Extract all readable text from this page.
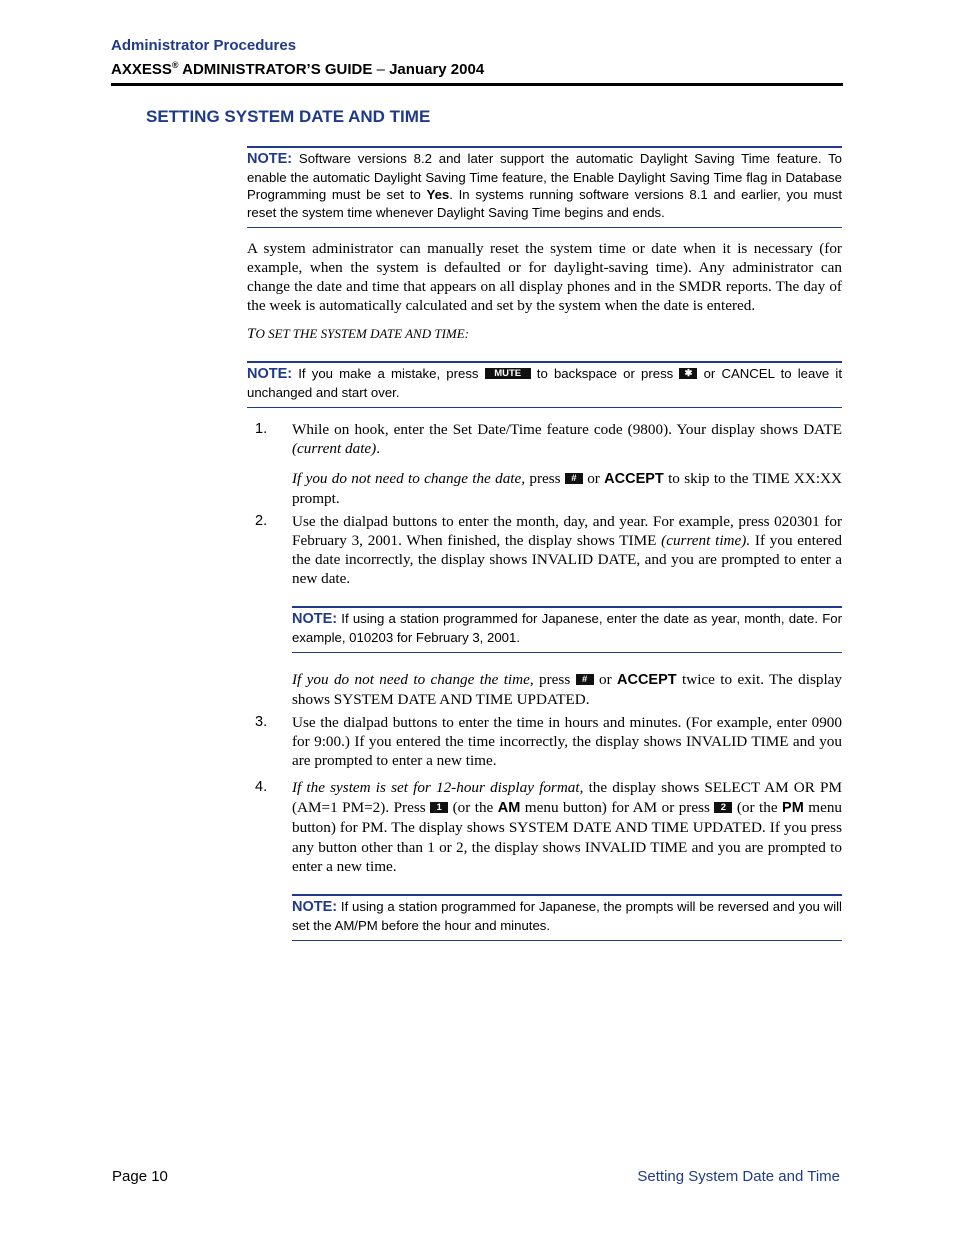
Administrator Procedures
AXXESS® ADMINISTRATOR’S GUIDE – January 2004
SETTING SYSTEM DATE AND TIME
NOTE: Software versions 8.2 and later support the automatic Daylight Saving Time feature. To enable the automatic Daylight Saving Time feature, the Enable Daylight Saving Time flag in Database Programming must be set to Yes. In systems running software versions 8.1 and earlier, you must reset the system time whenever Daylight Saving Time begins and ends.
A system administrator can manually reset the system time or date when it is necessary (for example, when the system is defaulted or for daylight-saving time). Any administrator can change the date and time that appears on all display phones and in the SMDR reports. The day of the week is automatically calculated and set by the system when the date is entered.
TO SET THE SYSTEM DATE AND TIME:
NOTE: If you make a mistake, press MUTE to backspace or press ✱ or CANCEL to leave it unchanged and start over.
1. While on hook, enter the Set Date/Time feature code (9800). Your display shows DATE (current date).
If you do not need to change the date, press # or ACCEPT to skip to the TIME XX:XX prompt.
2. Use the dialpad buttons to enter the month, day, and year. For example, press 020301 for February 3, 2001. When finished, the display shows TIME (current time). If you entered the date incorrectly, the display shows INVALID DATE, and you are prompted to enter a new date.
NOTE: If using a station programmed for Japanese, enter the date as year, month, date. For example, 010203 for February 3, 2001.
If you do not need to change the time, press # or ACCEPT twice to exit. The display shows SYSTEM DATE AND TIME UPDATED.
3. Use the dialpad buttons to enter the time in hours and minutes. (For example, enter 0900 for 9:00.) If you entered the time incorrectly, the display shows INVALID TIME and you are prompted to enter a new time.
4. If the system is set for 12-hour display format, the display shows SELECT AM OR PM (AM=1 PM=2). Press 1 (or the AM menu button) for AM or press 2 (or the PM menu button) for PM. The display shows SYSTEM DATE AND TIME UPDATED. If you press any button other than 1 or 2, the display shows INVALID TIME and you are prompted to enter a new time.
NOTE: If using a station programmed for Japanese, the prompts will be reversed and you will set the AM/PM before the hour and minutes.
Page 10	Setting System Date and Time
